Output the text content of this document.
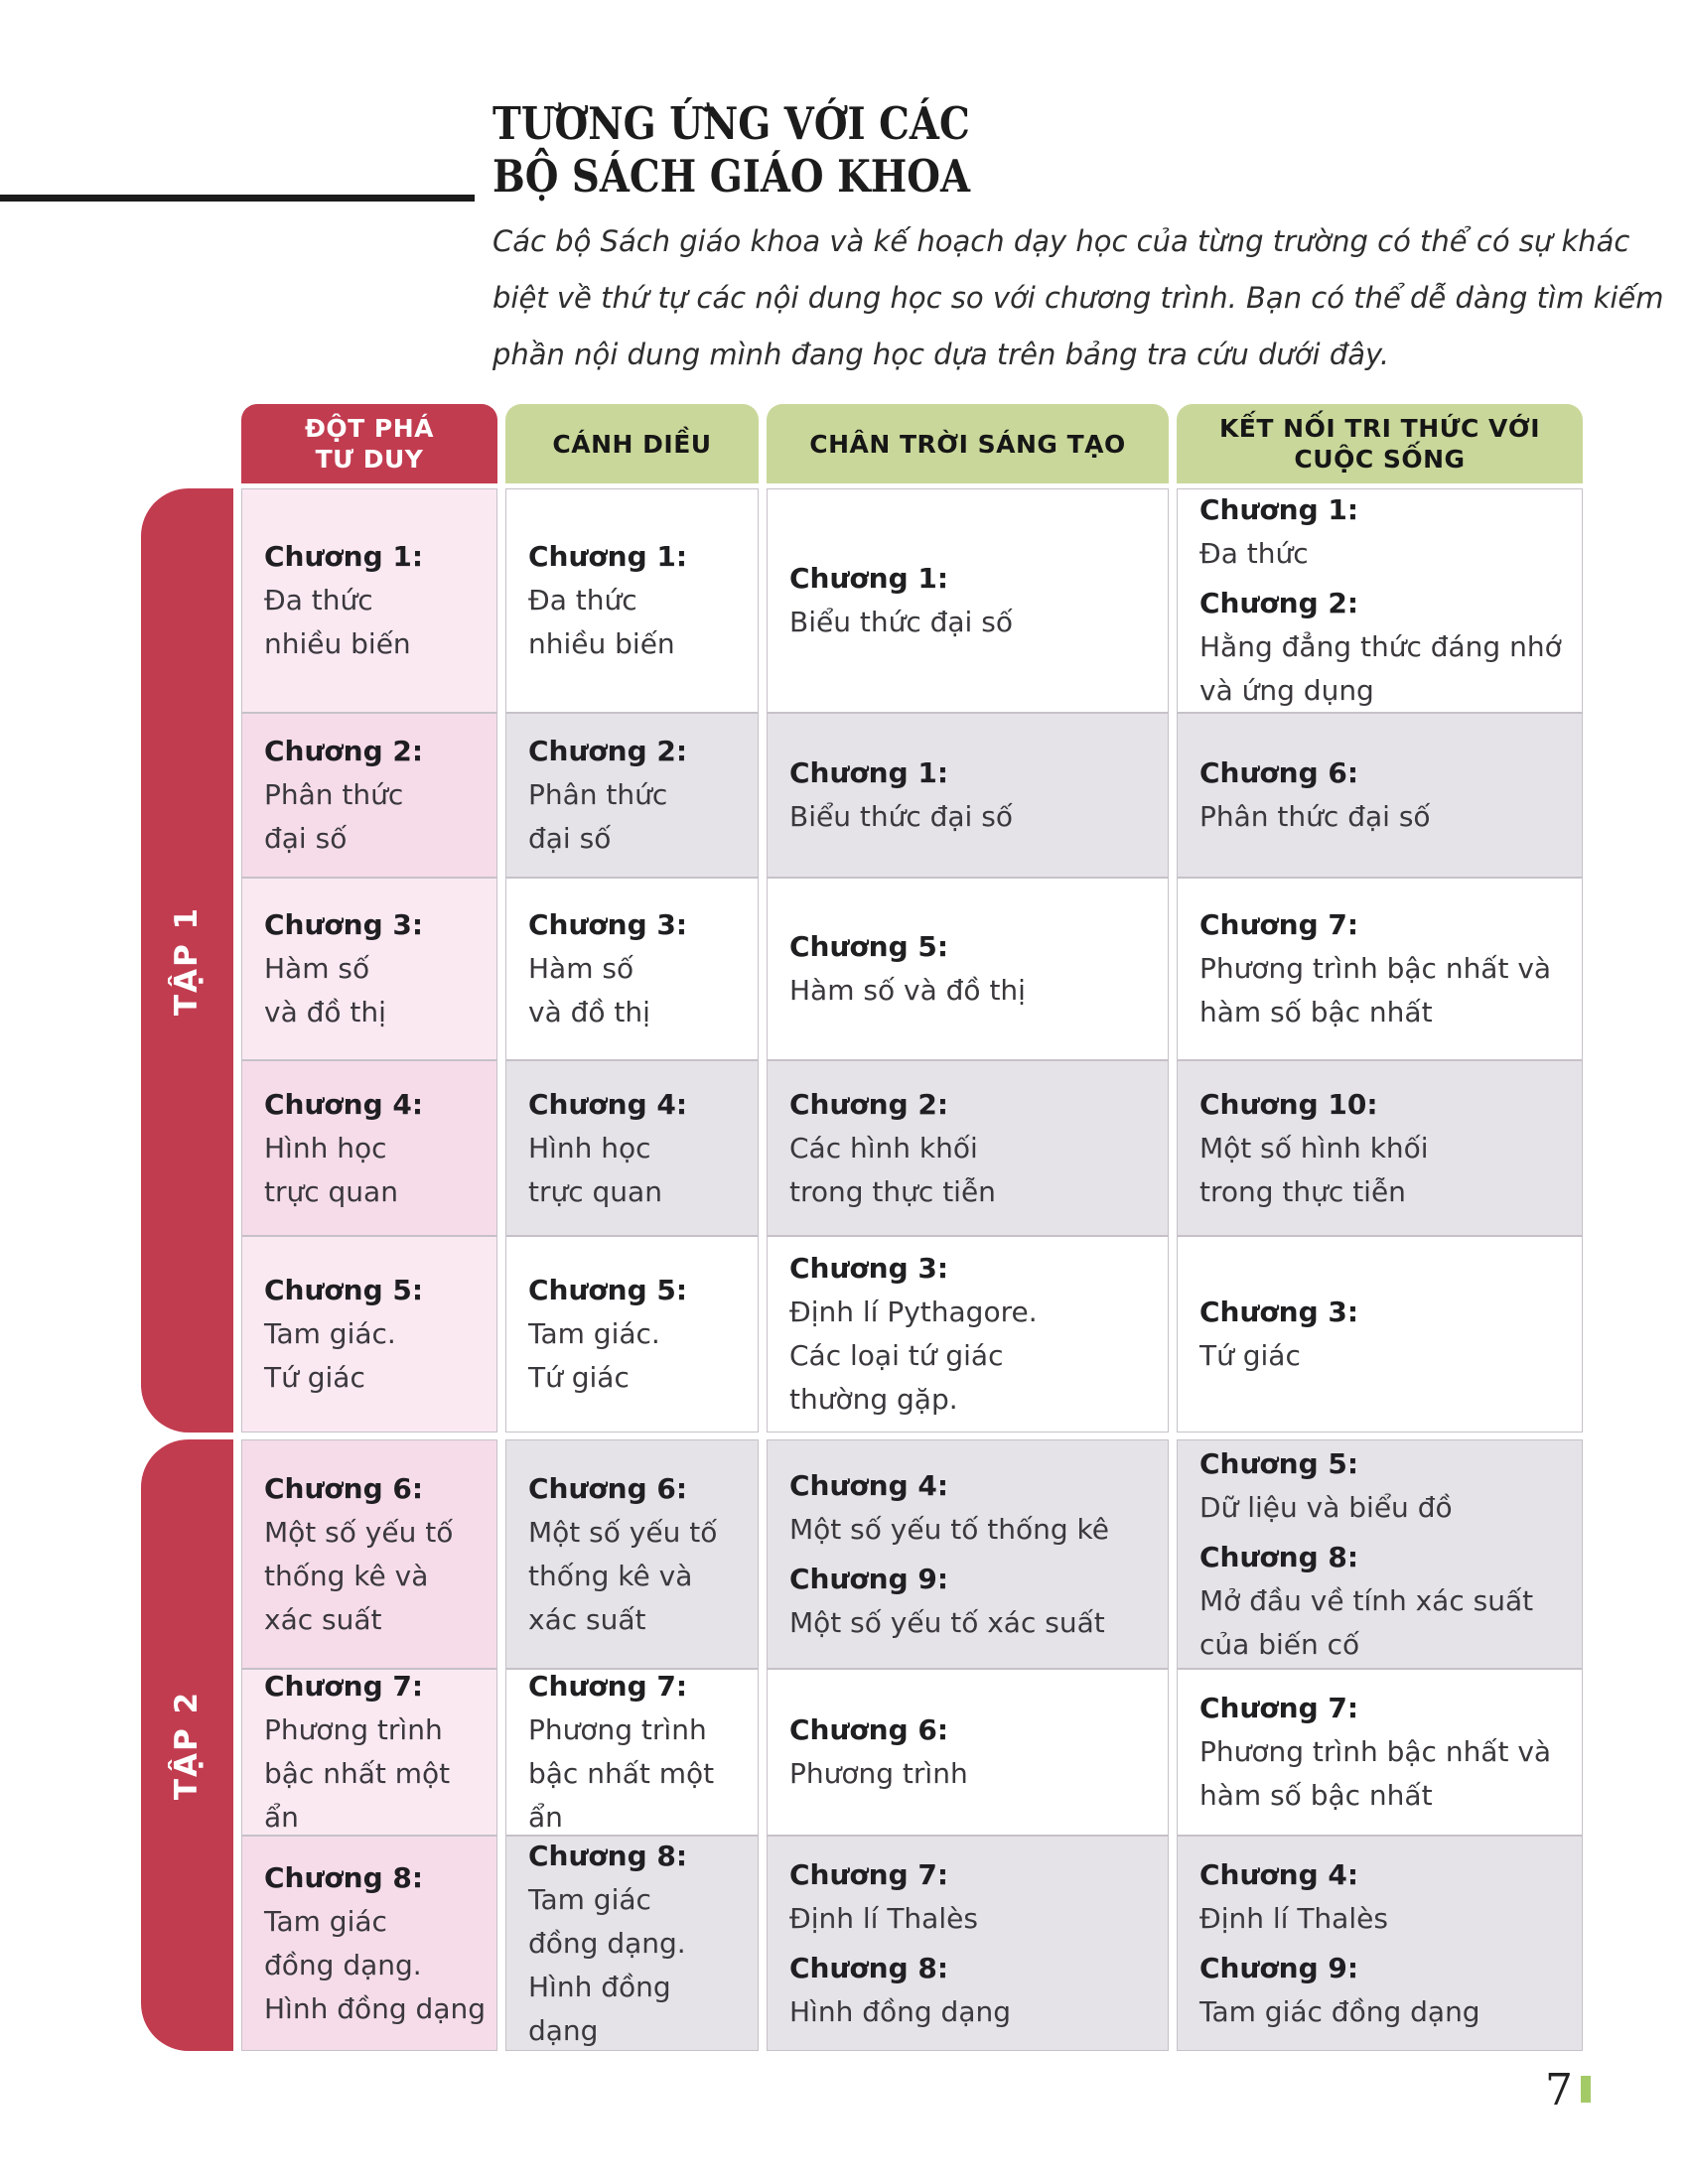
TƯƠNG ỨNG VỚI CÁC
BỘ SÁCH GIÁO KHOA
Các bộ Sách giáo khoa và kế hoạch dạy học của từng trường có thể có sự khác
biệt về thứ tự các nội dung học so với chương trình. Bạn có thể dễ dàng tìm kiếm
phần nội dung mình đang học dựa trên bảng tra cứu dưới đây.
ĐỘT PHÁ
TƯ DUY
CÁNH DIỀU	CHÂN TRỜI SÁNG TẠO
KẾT NỐI TRI THỨC VỚI
CUỘC SỐNG
TẬP 1
Chương 1:
Đa thức
nhiều biến
Chương 1:
Đa thức
nhiều biến
Chương 1:
Biểu thức đại số
Chương 1:
Đa thức
Chương 2:
Hằng đẳng thức đáng nhớ
và ứng dụng
Chương 2:
Phân thức
đại số
Chương 2:
Phân thức
đại số
Chương 1:
Biểu thức đại số
Chương 6:
Phân thức đại số
Chương 3:
Hàm số
và đồ thị
Chương 3:
Hàm số
và đồ thị
Chương 5:
Hàm số và đồ thị
Chương 7:
Phương trình bậc nhất và
hàm số bậc nhất
Chương 4:
Hình học
trực quan
Chương 4:
Hình học
trực quan
Chương 2:
Các hình khối
trong thực tiễn
Chương 10:
Một số hình khối
trong thực tiễn
Chương 5:
Tam giác.
Tứ giác
Chương 5:
Tam giác.
Tứ giác
Chương 3:
Định lí Pythagore.
Các loại tứ giác
thường gặp.
Chương 3:
Tứ giác
TẬP 2
Chương 6:
Một số yếu tố
thống kê và
xác suất
Chương 6:
Một số yếu tố
thống kê và
xác suất
Chương 4:
Một số yếu tố thống kê
Chương 9:
Một số yếu tố xác suất
Chương 5:
Dữ liệu và biểu đồ
Chương 8:
Mở đầu về tính xác suất
của biến cố
Chương 7:
Phương trình
bậc nhất một ẩn
Chương 7:
Phương trình
bậc nhất một ẩn
Chương 6:
Phương trình
Chương 7:
Phương trình bậc nhất và
hàm số bậc nhất
Chương 8:
Tam giác
đồng dạng.
Hình đồng dạng
Chương 8:
Tam giác
đồng dạng.
Hình đồng dạng
Chương 7:
Định lí Thalès
Chương 8:
Hình đồng dạng
Chương 4:
Định lí Thalès
Chương 9:
Tam giác đồng dạng
7
